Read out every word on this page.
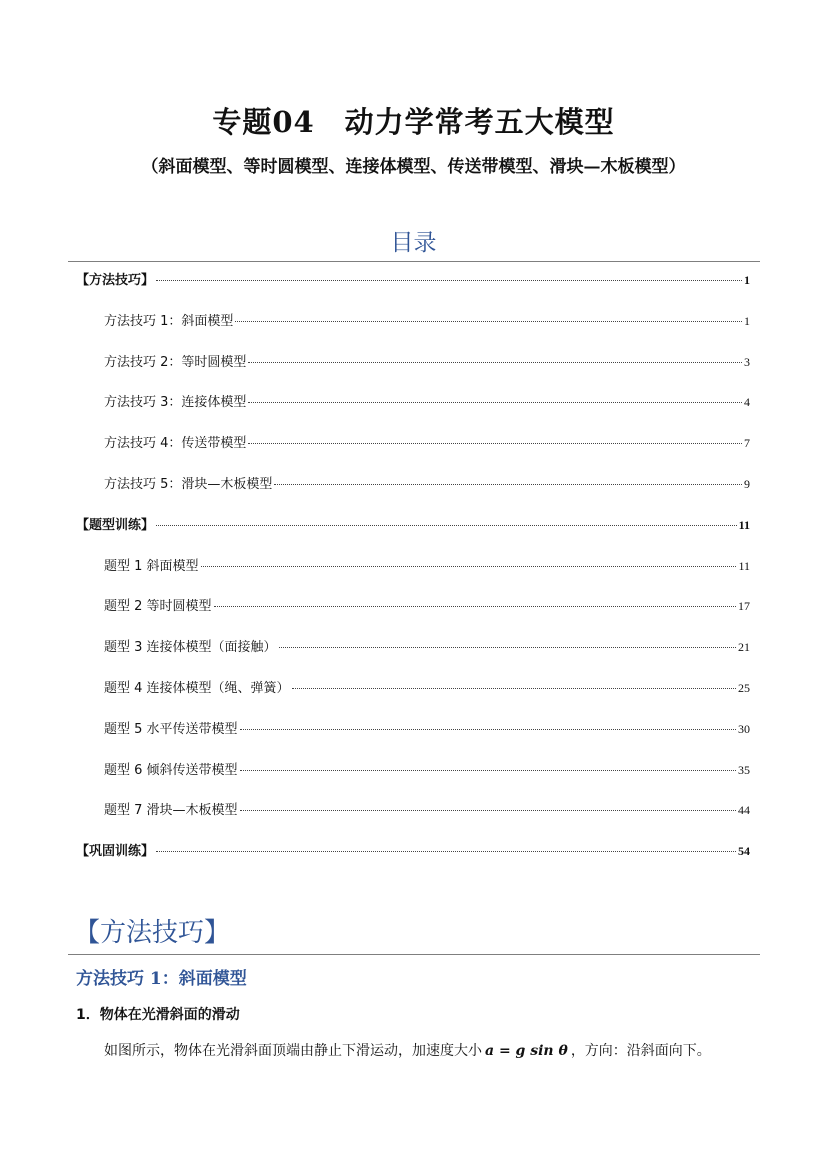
专题04　动力学常考五大模型
（斜面模型、等时圆模型、连接体模型、传送带模型、滑块—木板模型）
目录
【方法技巧】	1
方法技巧 1：斜面模型	1
方法技巧 2：等时圆模型	3
方法技巧 3：连接体模型	4
方法技巧 4：传送带模型	7
方法技巧 5：滑块—木板模型	9
【题型训练】	11
题型 1 斜面模型	11
题型 2 等时圆模型	17
题型 3 连接体模型（面接触）	21
题型 4 连接体模型（绳、弹簧）	25
题型 5 水平传送带模型	30
题型 6 倾斜传送带模型	35
题型 7 滑块—木板模型	44
【巩固训练】	54
【方法技巧】
方法技巧 1：斜面模型
1．物体在光滑斜面的滑动
如图所示，物体在光滑斜面顶端由静止下滑运动，加速度大小 a = g sin θ ，方向：沿斜面向下。
